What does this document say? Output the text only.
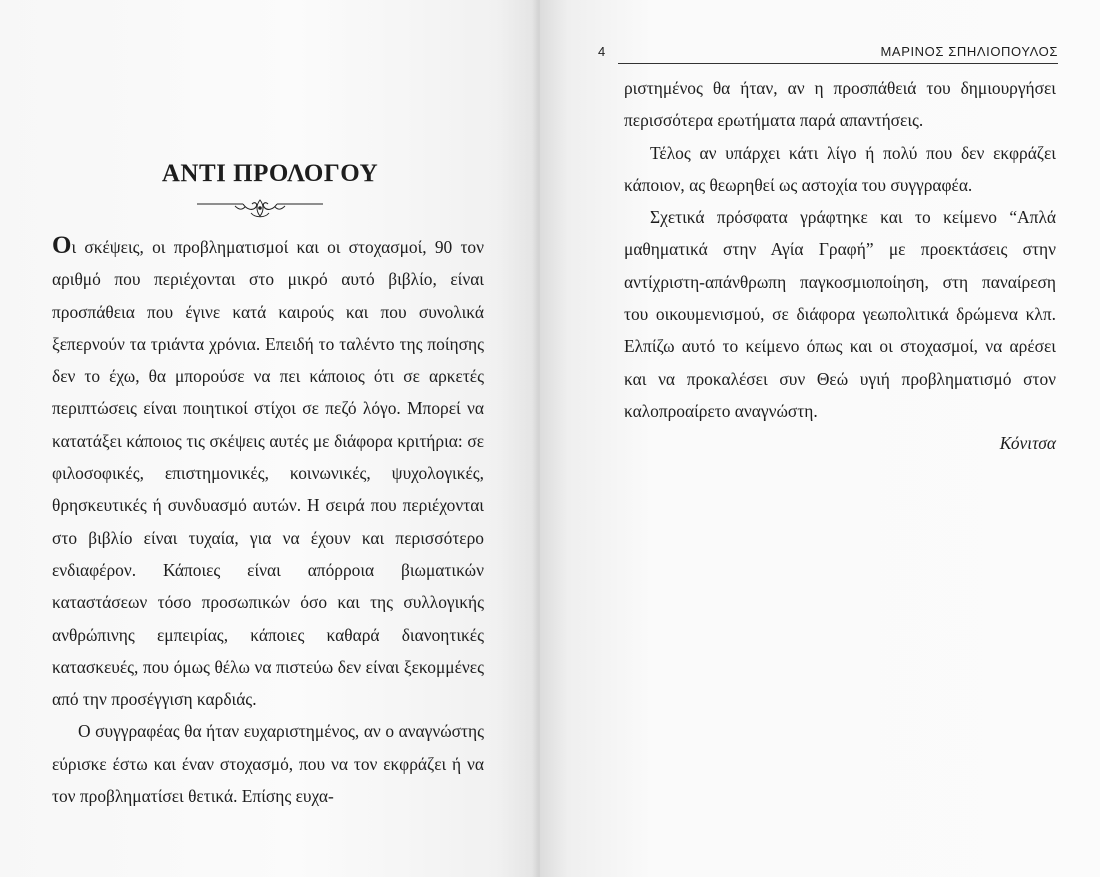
ΑΝΤΙ ΠΡΟΛΟΓΟΥ

Οι σκέψεις, οι προβληματισμοί και οι στοχασμοί, 90 τον αριθμό που περιέχονται στο μικρό αυτό βιβλίο, είναι προσπάθεια που έγινε κατά καιρούς και που συνολικά ξεπερνούν τα τριάντα χρόνια. Επειδή το ταλέντο της ποίησης δεν το έχω, θα μπορούσε να πει κάποιος ότι σε αρκετές περιπτώσεις είναι ποιητικοί στίχοι σε πεζό λόγο. Μπορεί να κατατάξει κάποιος τις σκέψεις αυτές με διάφορα κριτήρια: σε φιλοσοφικές, επιστημονικές, κοινωνικές, ψυχολογικές, θρησκευτικές ή συνδυασμό αυτών. Η σειρά που περιέχονται στο βιβλίο είναι τυχαία, για να έχουν και περισσότερο ενδιαφέρον. Κάποιες είναι απόρροια βιωματικών καταστάσεων τόσο προσωπικών όσο και της συλλογικής ανθρώπινης εμπειρίας, κάποιες καθαρά διανοητικές κατασκευές, που όμως θέλω να πιστεύω δεν είναι ξεκομμένες από την προσέγγιση καρδιάς.

Ο συγγραφέας θα ήταν ευχαριστημένος, αν ο αναγνώστης εύρισκε έστω και έναν στοχασμό, που να τον εκφράζει ή να τον προβληματίσει θετικά. Επίσης ευχα-

4	ΜΑΡΙΝΟΣ ΣΠΗΛΙΟΠΟΥΛΟΣ

ριστημένος θα ήταν, αν η προσπάθειά του δημιουργήσει περισσότερα ερωτήματα παρά απαντήσεις.

Τέλος αν υπάρχει κάτι λίγο ή πολύ που δεν εκφράζει κάποιον, ας θεωρηθεί ως αστοχία του συγγραφέα.

Σχετικά πρόσφατα γράφτηκε και το κείμενο “Απλά μαθηματικά στην Αγία Γραφή” με προεκτάσεις στην αντίχριστη-απάνθρωπη παγκοσμιοποίηση, στη παναίρεση του οικουμενισμού, σε διάφορα γεωπολιτικά δρώμενα κλπ. Ελπίζω αυτό το κείμενο όπως και οι στοχασμοί, να αρέσει και να προκαλέσει συν Θεώ υγιή προβληματισμό στον καλοπροαίρετο αναγνώστη.

Κόνιτσα
